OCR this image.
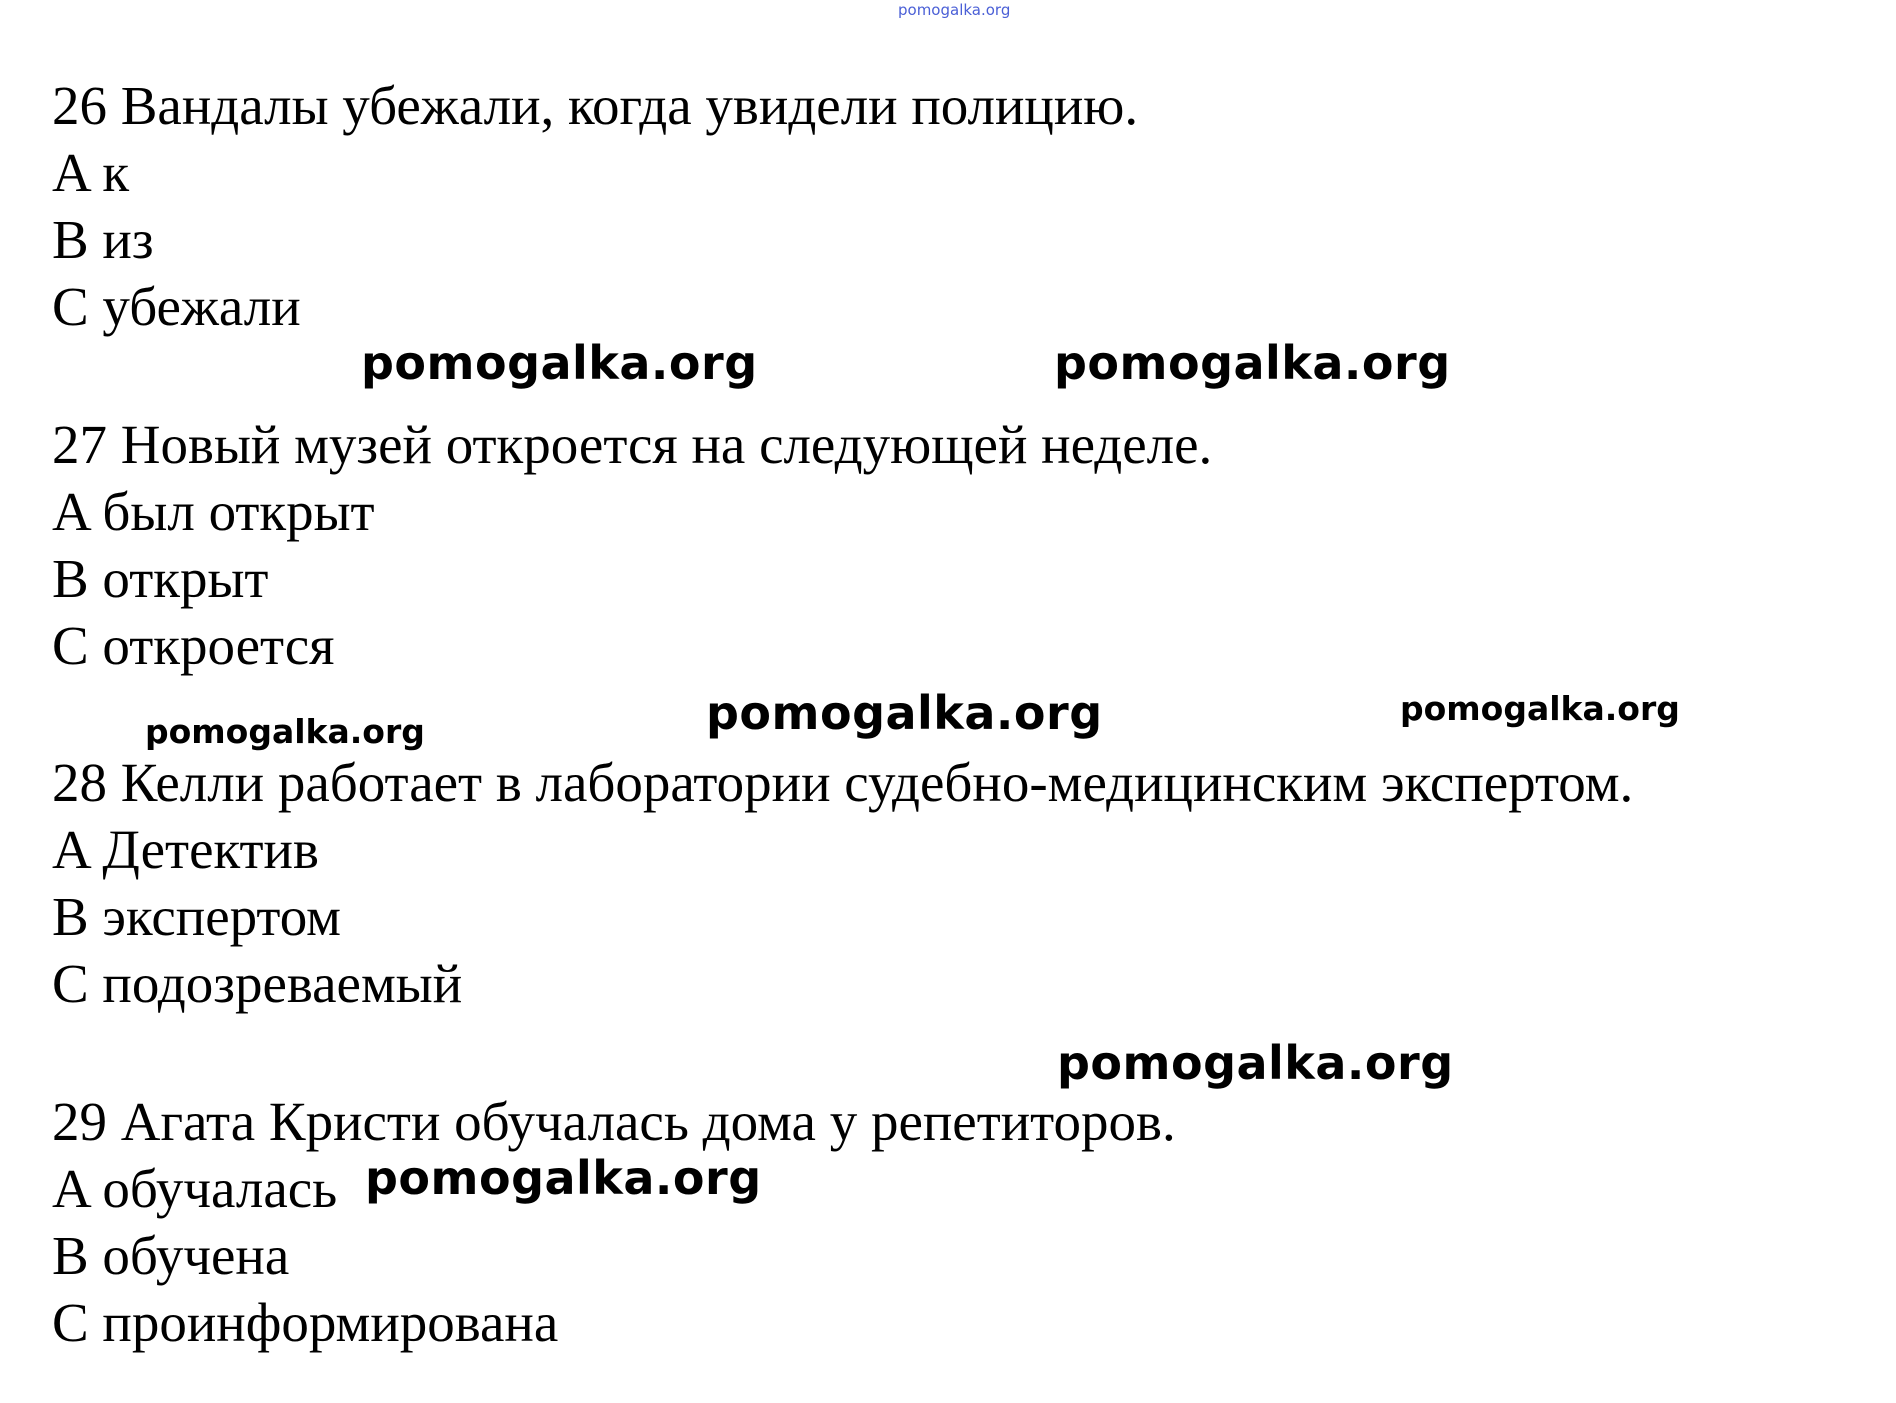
pomogalka.org
26 Вандалы убежали, когда увидели полицию.
A к
B из
C убежали
pomogalka.org	pomogalka.org
27 Новый музей откроется на следующей неделе.
A был открыт
B открыт
C откроется
pomogalka.org	pomogalka.org	pomogalka.org
28 Келли работает в лаборатории судебно-медицинским экспертом.
A Детектив
B экспертом
C подозреваемый
pomogalka.org
29 Агата Кристи обучалась дома у репетиторов.
A обучалась
B обучена
C проинформирована
pomogalka.org
